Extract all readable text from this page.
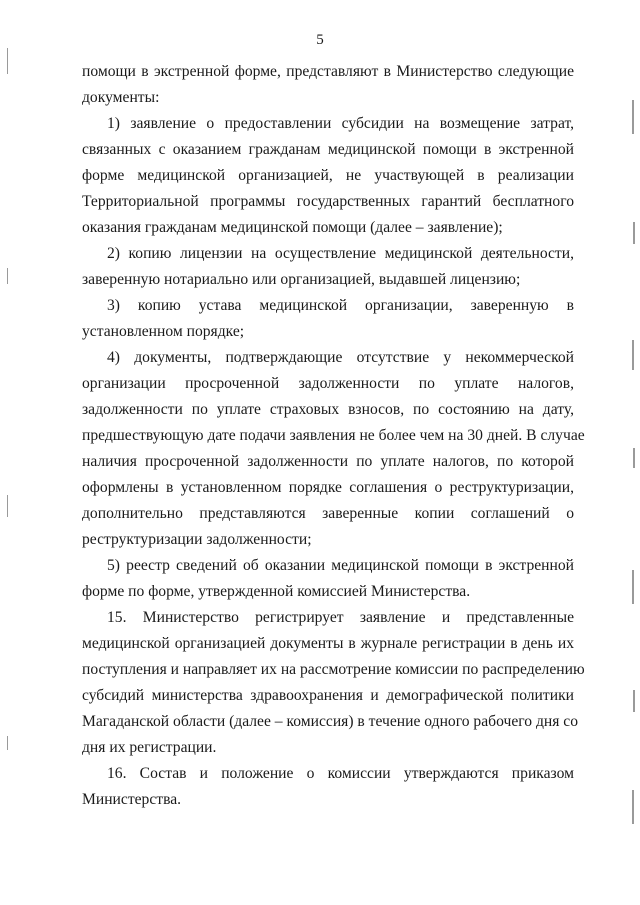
5
помощи в экстренной форме, представляют в Министерство следующие
документы:
1) заявление о предоставлении субсидии на возмещение затрат,
связанных с оказанием гражданам медицинской помощи в экстренной
форме медицинской организацией, не участвующей в реализации
Территориальной программы государственных гарантий бесплатного
оказания гражданам медицинской помощи (далее – заявление);
2) копию лицензии на осуществление медицинской деятельности,
заверенную нотариально или организацией, выдавшей лицензию;
3) копию устава медицинской организации, заверенную в
установленном порядке;
4) документы, подтверждающие отсутствие у некоммерческой
организации просроченной задолженности по уплате налогов,
задолженности по уплате страховых взносов, по состоянию на дату,
предшествующую дате подачи заявления не более чем на 30 дней. В случае
наличия просроченной задолженности по уплате налогов, по которой
оформлены в установленном порядке соглашения о реструктуризации,
дополнительно представляются заверенные копии соглашений о
реструктуризации задолженности;
5) реестр сведений об оказании медицинской помощи в экстренной
форме по форме, утвержденной комиссией Министерства.
15. Министерство регистрирует заявление и представленные
медицинской организацией документы в журнале регистрации в день их
поступления и направляет их на рассмотрение комиссии по распределению
субсидий министерства здравоохранения и демографической политики
Магаданской области (далее – комиссия) в течение одного рабочего дня со
дня их регистрации.
16. Состав и положение о комиссии утверждаются приказом
Министерства.
